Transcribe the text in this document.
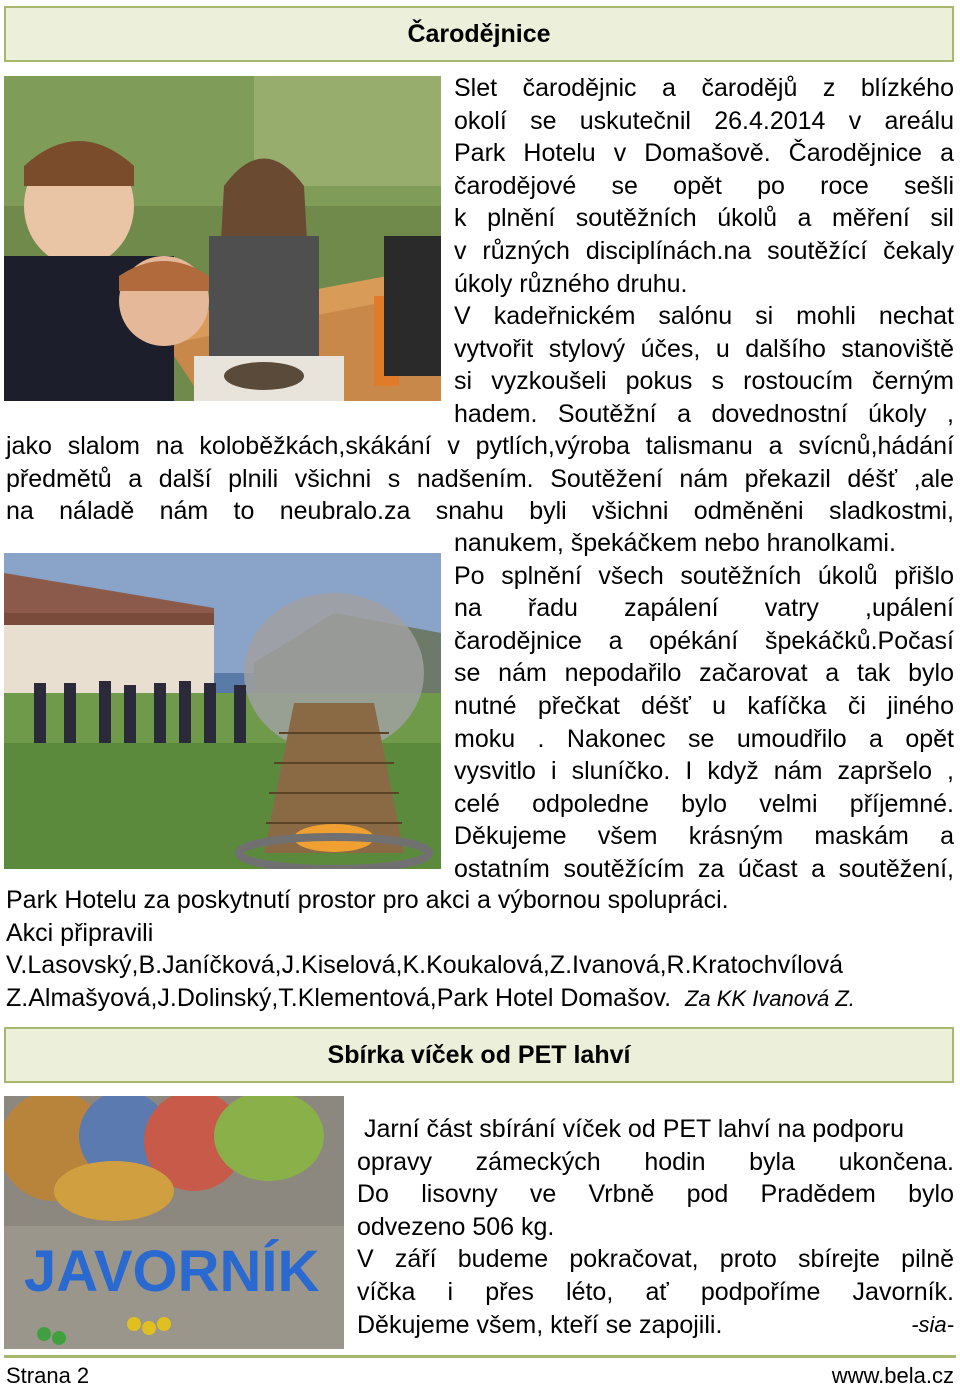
Čarodějnice
Slet čarodějnic a čarodějů z blízkého
okolí se uskutečnil 26.4.2014 v areálu
Park Hotelu v Domašově. Čarodějnice a
čarodějové se opět po roce sešli
k plnění soutěžních úkolů a měření sil
v různých disciplínách.na soutěžící čekaly
úkoly různého druhu.
V kadeřnickém salónu si mohli nechat
vytvořit stylový účes, u dalšího stanoviště
si vyzkoušeli pokus s rostoucím černým
hadem. Soutěžní a dovednostní úkoly ,
jako slalom na koloběžkách,skákání v pytlích,výroba talismanu a svícnů,hádání
předmětů a další plnili všichni s nadšením. Soutěžení nám překazil déšť ,ale
na náladě nám to neubralo.za snahu byli všichni odměněni sladkostmi,
nanukem, špekáčkem nebo hranolkami.
Po splnění všech soutěžních úkolů přišlo
na řadu zapálení vatry ,upálení
čarodějnice a opékání špekáčků.Počasí
se nám nepodařilo začarovat a tak bylo
nutné přečkat déšť u kafíčka či jiného
moku . Nakonec se umoudřilo a opět
vysvitlo i sluníčko. I když nám zapršelo ,
celé odpoledne bylo velmi příjemné.
Děkujeme všem krásným maskám a
ostatním soutěžícím za účast a soutěžení,
Park Hotelu za poskytnutí prostor pro akci a výbornou spolupráci.
Akci připravili
V.Lasovský,B.Janíčková,J.Kiselová,K.Koukalová,Z.Ivanová,R.Kratochvílová
Z.Almašyová,J.Dolinský,T.Klementová,Park Hotel Domašov. Za KK Ivanová Z.
Sbírka víček od PET lahví
JAVORNÍK
Jarní část sbírání víček od PET lahví na podporu
opravy zámeckých hodin byla ukončena.
Do lisovny ve Vrbně pod Pradědem bylo
odvezeno 506 kg.
V září budeme pokračovat, proto sbírejte pilně
víčka i přes léto, ať podpoříme Javorník.
Děkujeme všem, kteří se zapojili.	-sia-
Strana 2	www.bela.cz
